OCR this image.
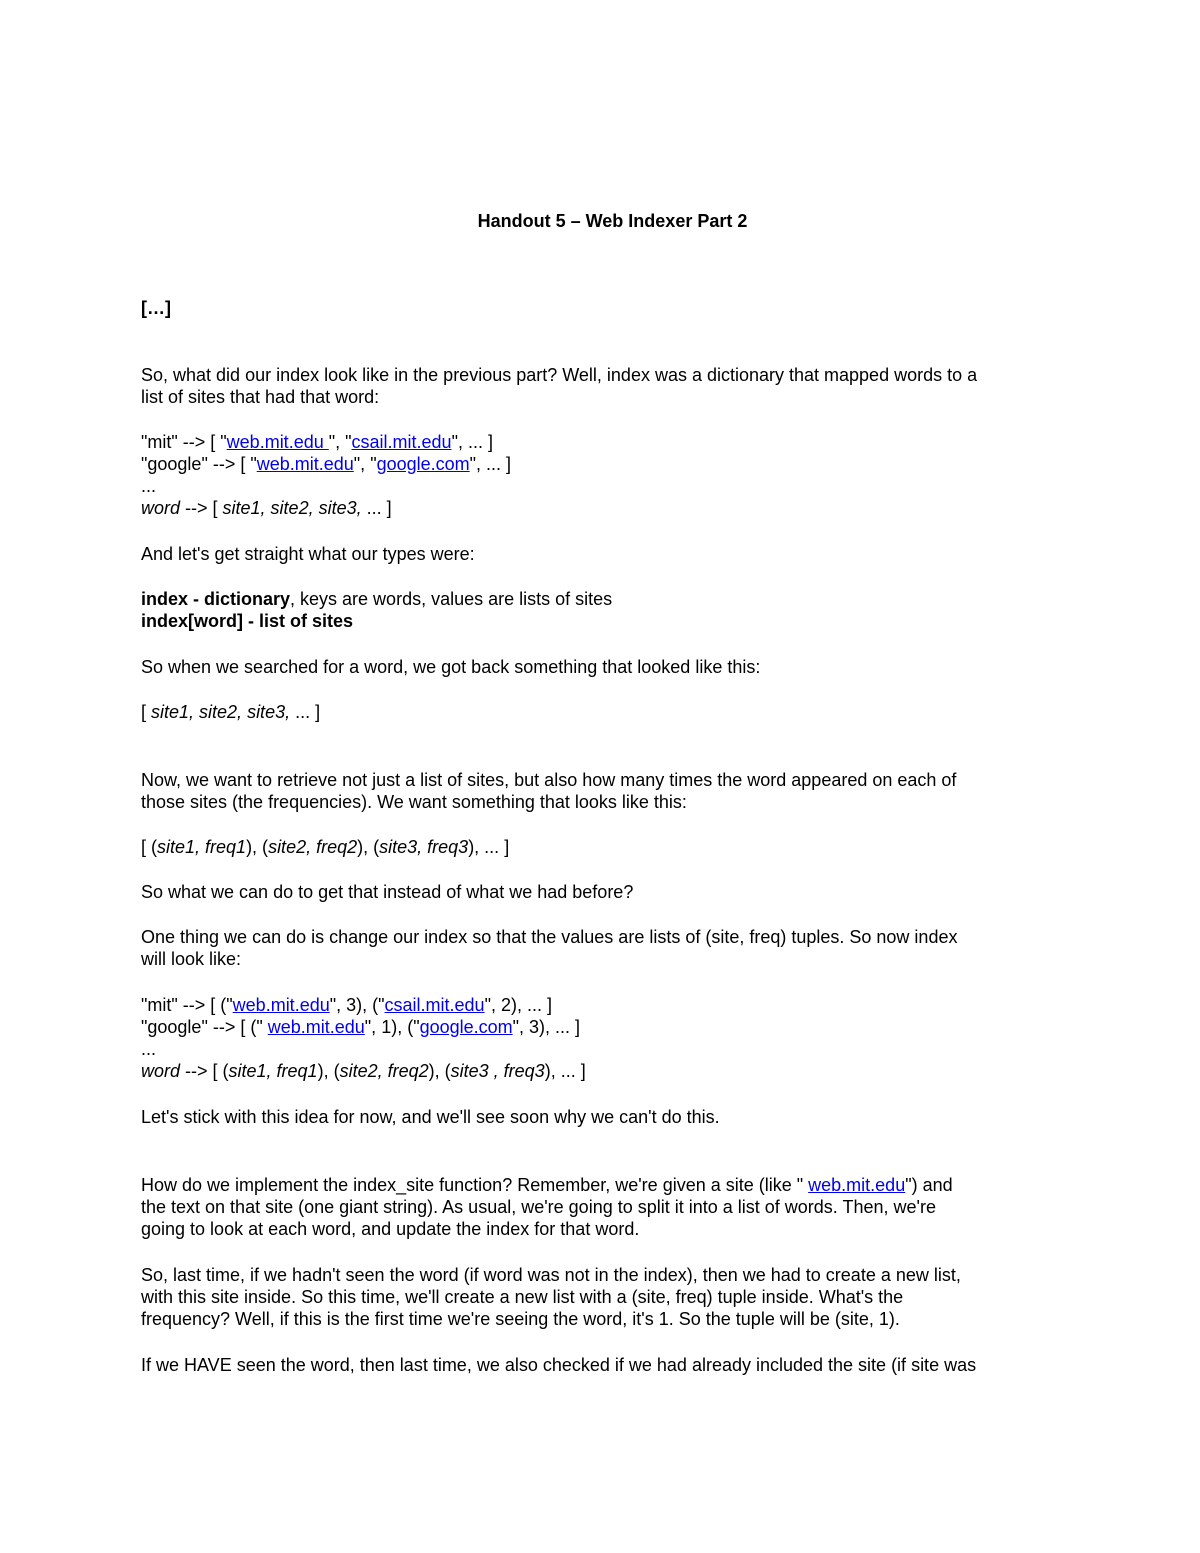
Handout 5 – Web Indexer Part 2
[…]
So, what did our index look like in the previous part? Well, index was a dictionary that mapped words to a
list of sites that had that word:
"mit" --> [ "web.mit.edu ", "csail.mit.edu", ... ]
"google" --> [ "web.mit.edu", "google.com", ... ]
...
word --> [ site1, site2, site3, ... ]
And let's get straight what our types were:
index - dictionary, keys are words, values are lists of sites
index[word] - list of sites
So when we searched for a word, we got back something that looked like this:
[ site1, site2, site3, ... ]
Now, we want to retrieve not just a list of sites, but also how many times the word appeared on each of
those sites (the frequencies). We want something that looks like this:
[ (site1, freq1), (site2, freq2), (site3, freq3), ... ]
So what we can do to get that instead of what we had before?
One thing we can do is change our index so that the values are lists of (site, freq) tuples. So now index
will look like:
"mit" --> [ ("web.mit.edu", 3), ("csail.mit.edu", 2), ... ]
"google" --> [ (" web.mit.edu", 1), ("google.com", 3), ... ]
...
word --> [ (site1, freq1), (site2, freq2), (site3 , freq3), ... ]
Let's stick with this idea for now, and we'll see soon why we can't do this.
How do we implement the index_site function? Remember, we're given a site (like " web.mit.edu") and
the text on that site (one giant string). As usual, we're going to split it into a list of words. Then, we're
going to look at each word, and update the index for that word.
So, last time, if we hadn't seen the word (if word was not in the index), then we had to create a new list,
with this site inside. So this time, we'll create a new list with a (site, freq) tuple inside. What's the
frequency? Well, if this is the first time we're seeing the word, it's 1. So the tuple will be (site, 1).
If we HAVE seen the word, then last time, we also checked if we had already included the site (if site was
